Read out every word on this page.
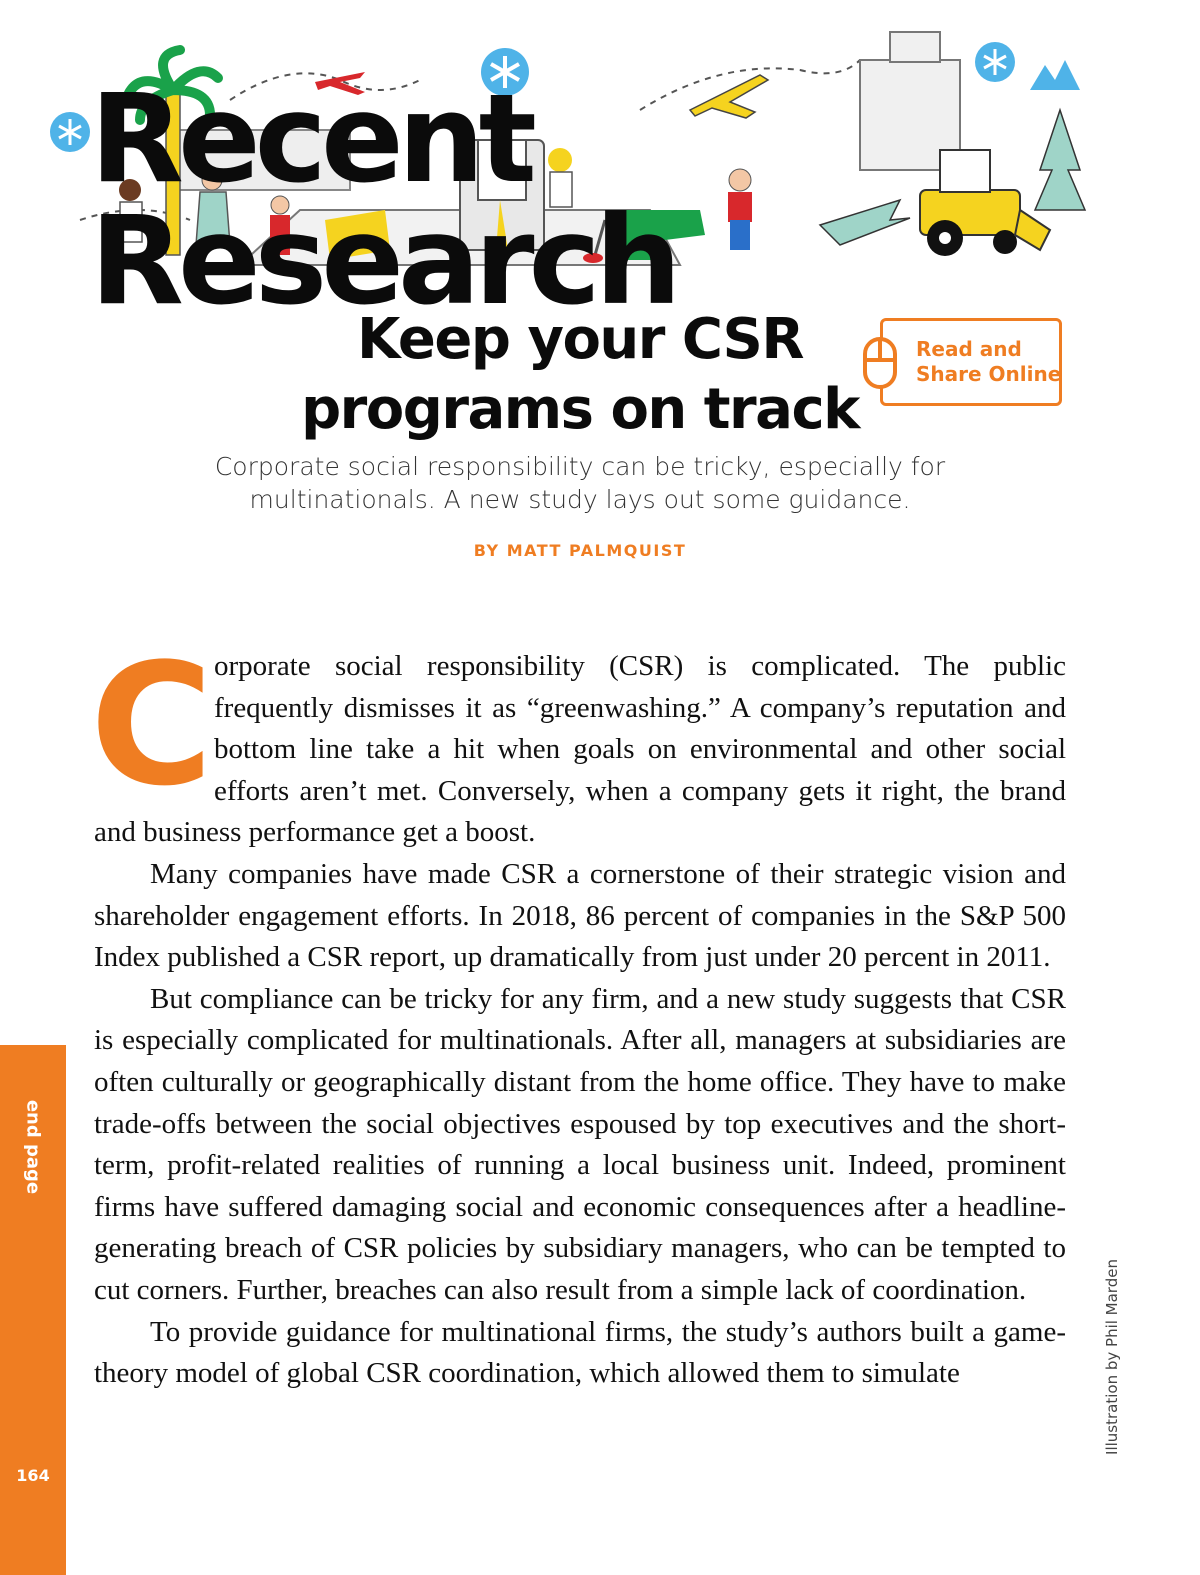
Recent Research
Keep your CSR programs on track
Read and Share Online

Corporate social responsibility can be tricky, especially for multinationals. A new study lays out some guidance.

BY MATT PALMQUIST

Corporate social responsibility (CSR) is complicated. The public frequently dismisses it as “greenwashing.” A company’s reputation and bottom line take a hit when goals on environmental and other social efforts aren’t met. Conversely, when a company gets it right, the brand and business performance get a boost.

Many companies have made CSR a cornerstone of their strategic vision and shareholder engagement efforts. In 2018, 86 percent of companies in the S&P 500 Index published a CSR report, up dramatically from just under 20 percent in 2011.

But compliance can be tricky for any firm, and a new study suggests that CSR is especially complicated for multinationals. After all, managers at subsidiaries are often culturally or geographically distant from the home office. They have to make trade-offs between the social objectives espoused by top executives and the short-term, profit-related realities of running a local business unit. Indeed, prominent firms have suffered damaging social and economic consequences after a headline-generating breach of CSR policies by subsidiary managers, who can be tempted to cut corners. Further, breaches can also result from a simple lack of coordination.

To provide guidance for multinational firms, the study’s authors built a game-theory model of global CSR coordination, which allowed them to simulate

end page
164
Illustration by Phil Marden
